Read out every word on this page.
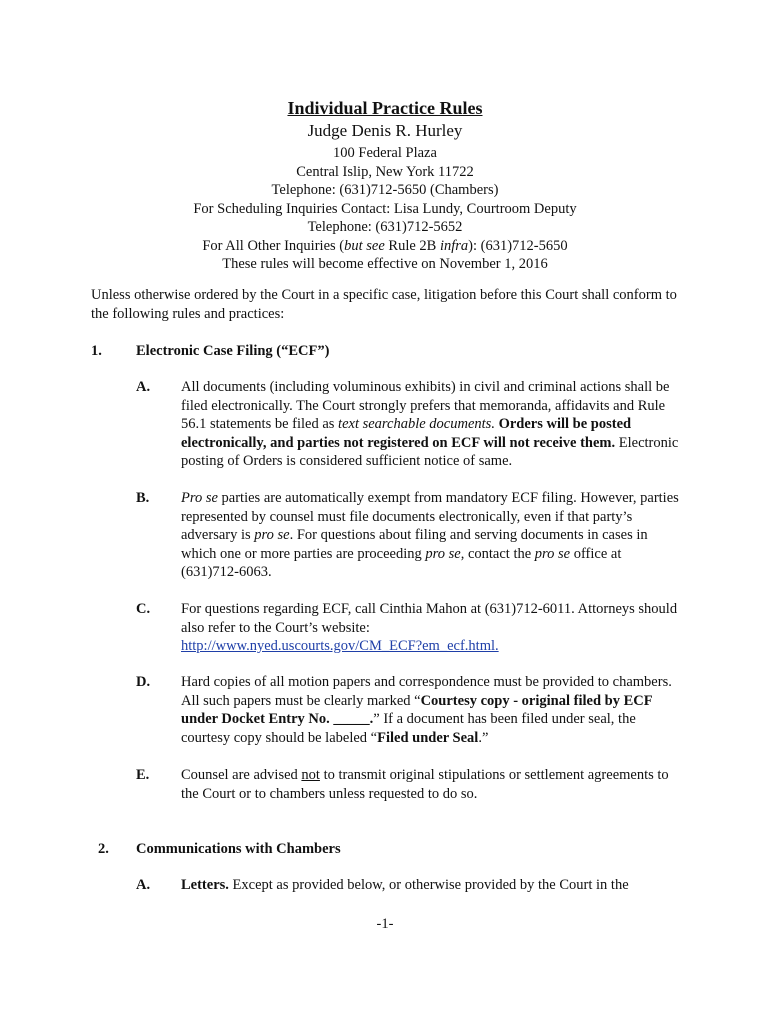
Individual Practice Rules
Judge Denis R. Hurley
100 Federal Plaza
Central Islip, New York 11722
Telephone: (631)712-5650 (Chambers)
For Scheduling Inquiries Contact: Lisa Lundy, Courtroom Deputy
Telephone: (631)712-5652
For All Other Inquiries (but see Rule 2B infra): (631)712-5650
These rules will become effective on November 1, 2016

Unless otherwise ordered by the Court in a specific case, litigation before this Court shall conform to the following rules and practices:

1. Electronic Case Filing (“ECF”)
A. All documents (including voluminous exhibits) in civil and criminal actions shall be filed electronically. The Court strongly prefers that memoranda, affidavits and Rule 56.1 statements be filed as text searchable documents. Orders will be posted electronically, and parties not registered on ECF will not receive them. Electronic posting of Orders is considered sufficient notice of same.

B. Pro se parties are automatically exempt from mandatory ECF filing. However, parties represented by counsel must file documents electronically, even if that party’s adversary is pro se. For questions about filing and serving documents in cases in which one or more parties are proceeding pro se, contact the pro se office at (631)712-6063.

C. For questions regarding ECF, call Cinthia Mahon at (631)712-6011. Attorneys should also refer to the Court’s website:
http://www.nyed.uscourts.gov/CM_ECF?em_ecf.html.

D. Hard copies of all motion papers and correspondence must be provided to chambers. All such papers must be clearly marked “Courtesy copy - original filed by ECF under Docket Entry No. _____.” If a document has been filed under seal, the courtesy copy should be labeled “Filed under Seal.”

E. Counsel are advised not to transmit original stipulations or settlement agreements to the Court or to chambers unless requested to do so.

2. Communications with Chambers
A. Letters. Except as provided below, or otherwise provided by the Court in the

-1-
